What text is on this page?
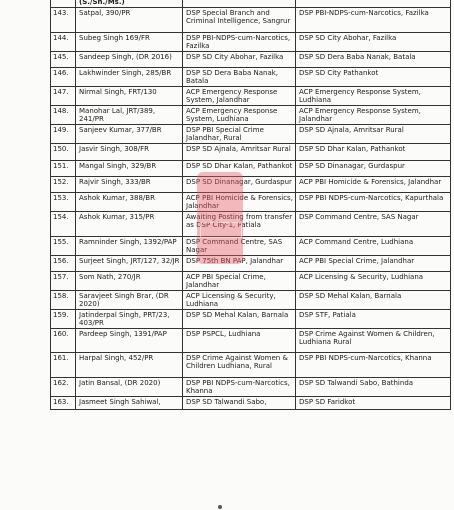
	(S./Sh./Ms.)		
143.	Satpal, 390/PR	DSP Special Branch and Criminal Intelligence, Sangrur	DSP PBI-NDPS-cum-Narcotics, Fazilka
144.	Subeg Singh 169/FR	DSP PBI-NDPS-cum-Narcotics, Fazilka	DSP SD City Abohar, Fazilka
145.	Sandeep Singh, (DR 2016)	DSP SD City Abohar, Fazilka	DSP SD Dera Baba Nanak, Batala
146.	Lakhwinder Singh, 285/BR	DSP SD Dera Baba Nanak, Batala	DSP SD City Pathankot
147.	Nirmal Singh, FRT/130	ACP Emergency Response System, Jalandhar	ACP Emergency Response System, Ludhiana
148.	Manohar Lal, JRT/389, 241/PR	ACP Emergency Response System, Ludhiana	ACP Emergency Response System, Jalandhar
149.	Sanjeev Kumar, 377/BR	DSP PBI Special Crime Jalandhar, Rural	DSP SD Ajnala, Amritsar Rural
150.	Jasvir Singh, 308/FR	DSP SD Ajnala, Amritsar Rural	DSP SD Dhar Kalan, Pathankot
151.	Mangal Singh, 329/BR	DSP SD Dhar Kalan, Pathankot	DSP SD Dinanagar, Gurdaspur
152.	Rajvir Singh, 333/BR	DSP SD Dinanagar, Gurdaspur	ACP PBI Homicide & Forensics, Jalandhar
153.	Ashok Kumar, 388/BR	ACP PBI Homicide & Forensics, Jalandhar	DSP PBI NDPS-cum-Narcotics, Kapurthala
154.	Ashok Kumar, 315/PR	Awaiting Posting from transfer as DSP City-1, Patiala	DSP Command Centre, SAS Nagar
155.	Ramninder Singh, 1392/PAP	DSP Command Centre, SAS Nagar	ACP Command Centre, Ludhiana
156.	Surjeet Singh, JRT/127, 32/JR	DSP 75th BN PAP, Jalandhar	ACP PBI Special Crime, Jalandhar
157.	Som Nath, 270/JR	ACP PBI Special Crime, Jalandhar	ACP Licensing & Security, Ludhiana
158.	Saravjeet Singh Brar, (DR 2020)	ACP Licensing & Security, Ludhiana	DSP SD Mehal Kalan, Barnala
159.	Jatinderpal Singh, PRT/23, 403/PR	DSP SD Mehal Kalan, Barnala	DSP STF, Patiala
160.	Pardeep Singh, 1391/PAP	DSP PSPCL, Ludhiana	DSP Crime Against Women & Children, Ludhiana Rural
161.	Harpal Singh, 452/PR	DSP Crime Against Women & Children Ludhiana, Rural	DSP PBI NDPS-cum-Narcotics, Khanna
162.	Jatin Bansal, (DR 2020)	DSP PBI NDPS-cum-Narcotics, Khanna	DSP SD Talwandi Sabo, Bathinda
163.	Jasmeet Singh Sahiwal,	DSP SD Talwandi Sabo,	DSP SD Faridkot
